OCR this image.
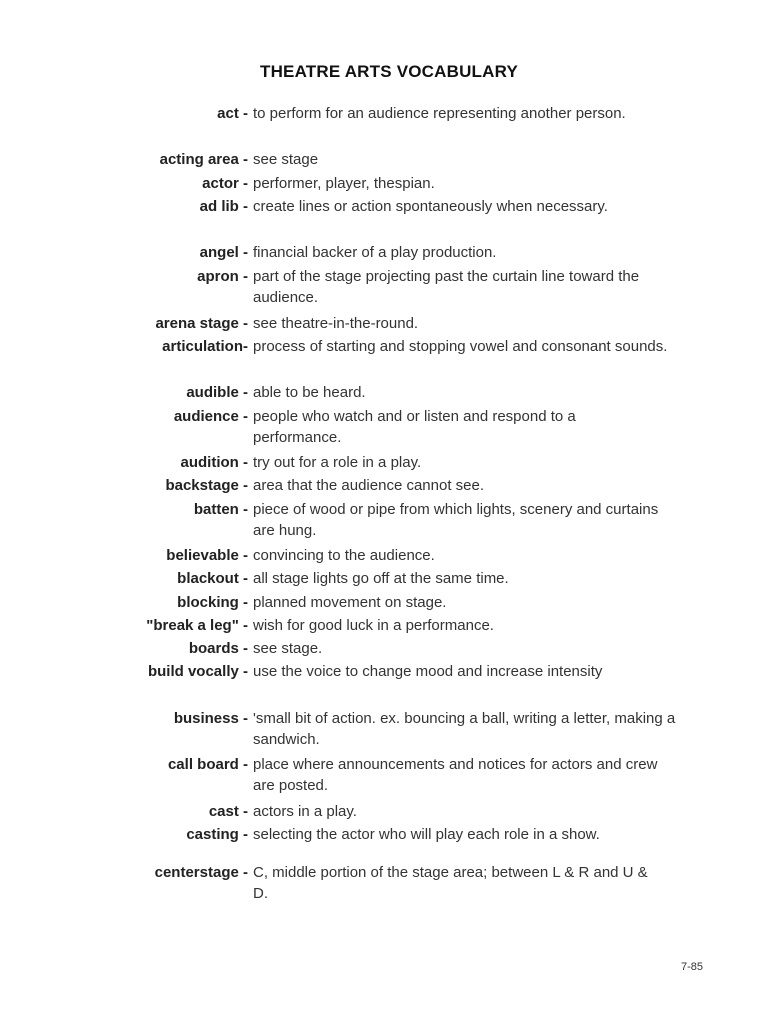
THEATRE ARTS VOCABULARY
act - to perform for an audience representing another person.
acting area - see stage
actor - performer, player, thespian.
ad lib - create lines or action spontaneously when necessary.
angel - financial backer of a play production.
apron - part of the stage projecting past the curtain line toward the audience.
arena stage - see theatre-in-the-round.
articulation- process of starting and stopping vowel and consonant sounds.
audible - able to be heard.
audience - people who watch and or listen and respond to a performance.
audition - try out for a role in a play.
backstage - area that the audience cannot see.
batten - piece of wood or pipe from which lights, scenery and curtains are hung.
believable - convincing to the audience.
blackout - all stage lights go off at the same time.
blocking - planned movement on stage.
"break a leg" - wish for good luck in a performance.
boards - see stage.
build vocally - use the voice to change mood and increase intensity
business - 'small bit of action. ex. bouncing a ball, writing a letter, making a sandwich.
call board - place where announcements and notices for actors and crew are posted.
cast - actors in a play.
casting - selecting the actor who will play each role in a show.
centerstage - C, middle portion of the stage area; between L & R and U & D.
7-85
